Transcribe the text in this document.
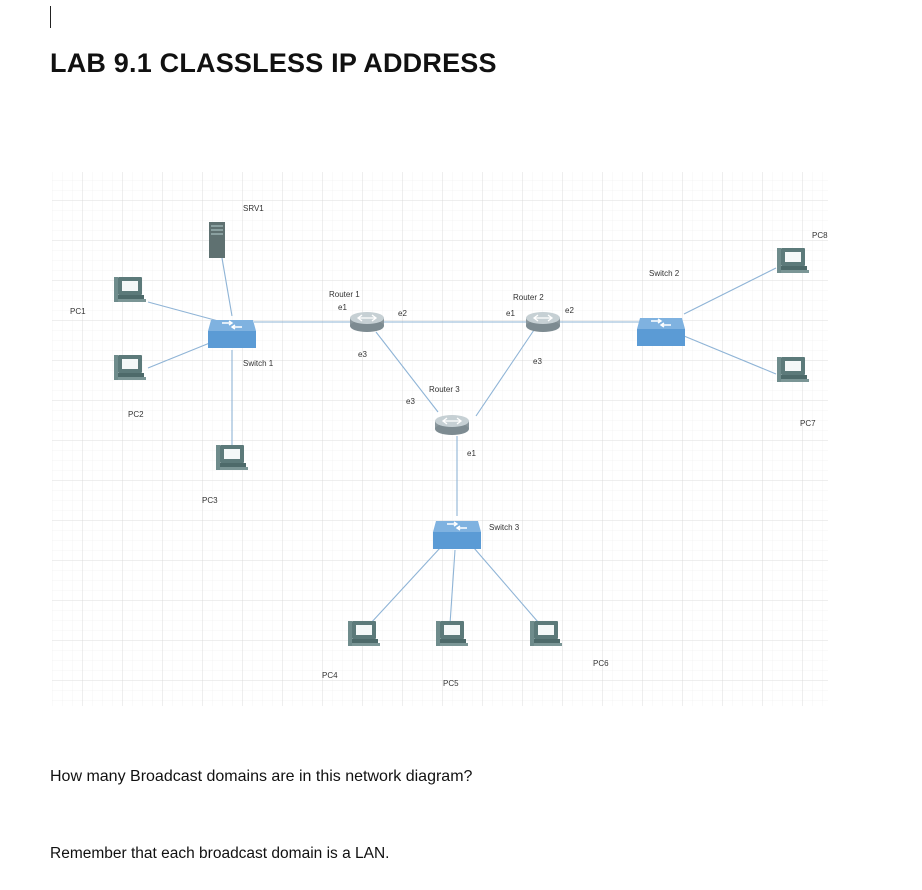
LAB 9.1 CLASSLESS IP ADDRESS
SRV1
PC1
PC2
PC3
PC4
PC5
PC6
PC7
PC8
Switch 1
Switch 2
Switch 3
Router 1	Router 2
Router 3
e1
e2
e3
e1	e2
e3
e3
e1
How many Broadcast domains are in this network diagram?
Remember that each broadcast domain is a LAN.
